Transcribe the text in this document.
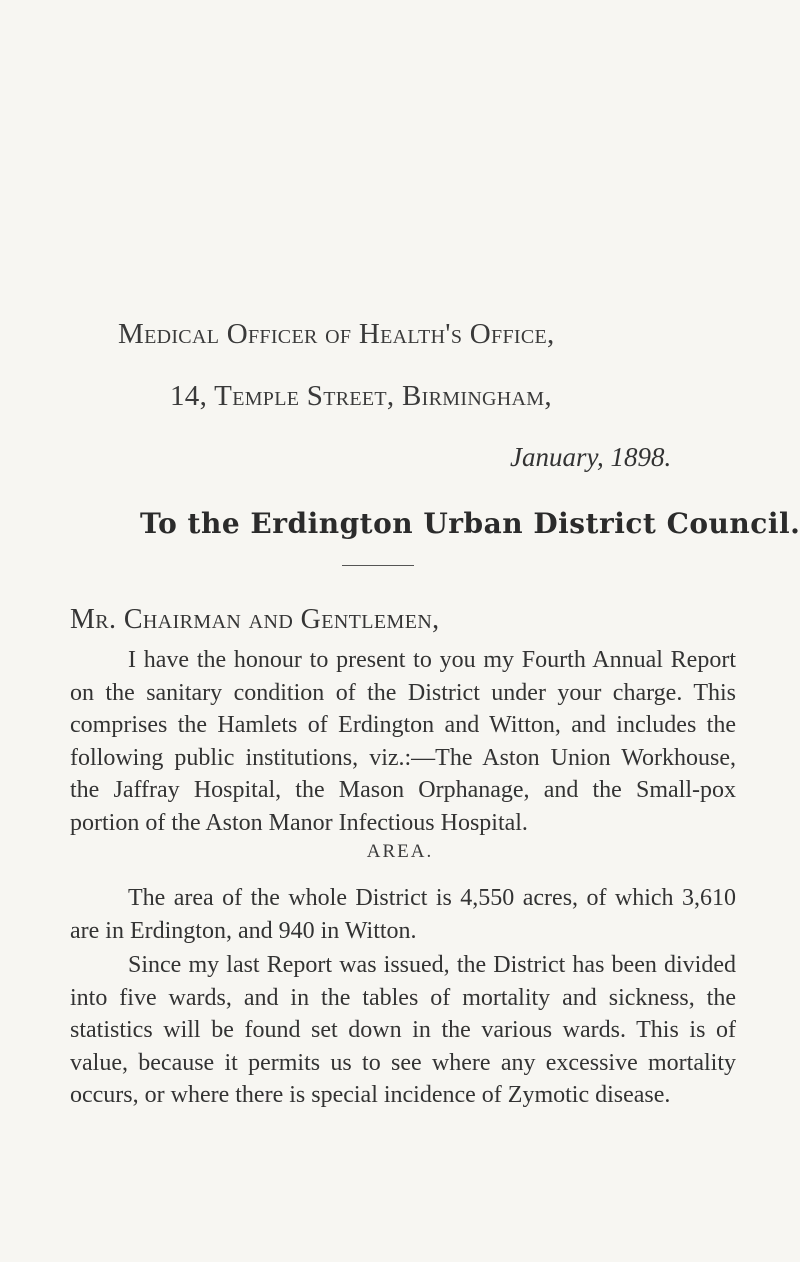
Medical Officer of Health's Office,
14, Temple Street, Birmingham,
January, 1898.
To the Erdington Urban District Council.
Mr. Chairman and Gentlemen,
I have the honour to present to you my Fourth Annual Report on the sanitary condition of the District under your charge. This comprises the Hamlets of Erdington and Witton, and includes the following public institutions, viz.:—The Aston Union Workhouse, the Jaffray Hospital, the Mason Orphanage, and the Small-pox portion of the Aston Manor Infectious Hospital.
AREA.
The area of the whole District is 4,550 acres, of which 3,610 are in Erdington, and 940 in Witton.
Since my last Report was issued, the District has been divided into five wards, and in the tables of mortality and sickness, the statistics will be found set down in the various wards. This is of value, because it permits us to see where any excessive mortality occurs, or where there is special incidence of Zymotic disease.
